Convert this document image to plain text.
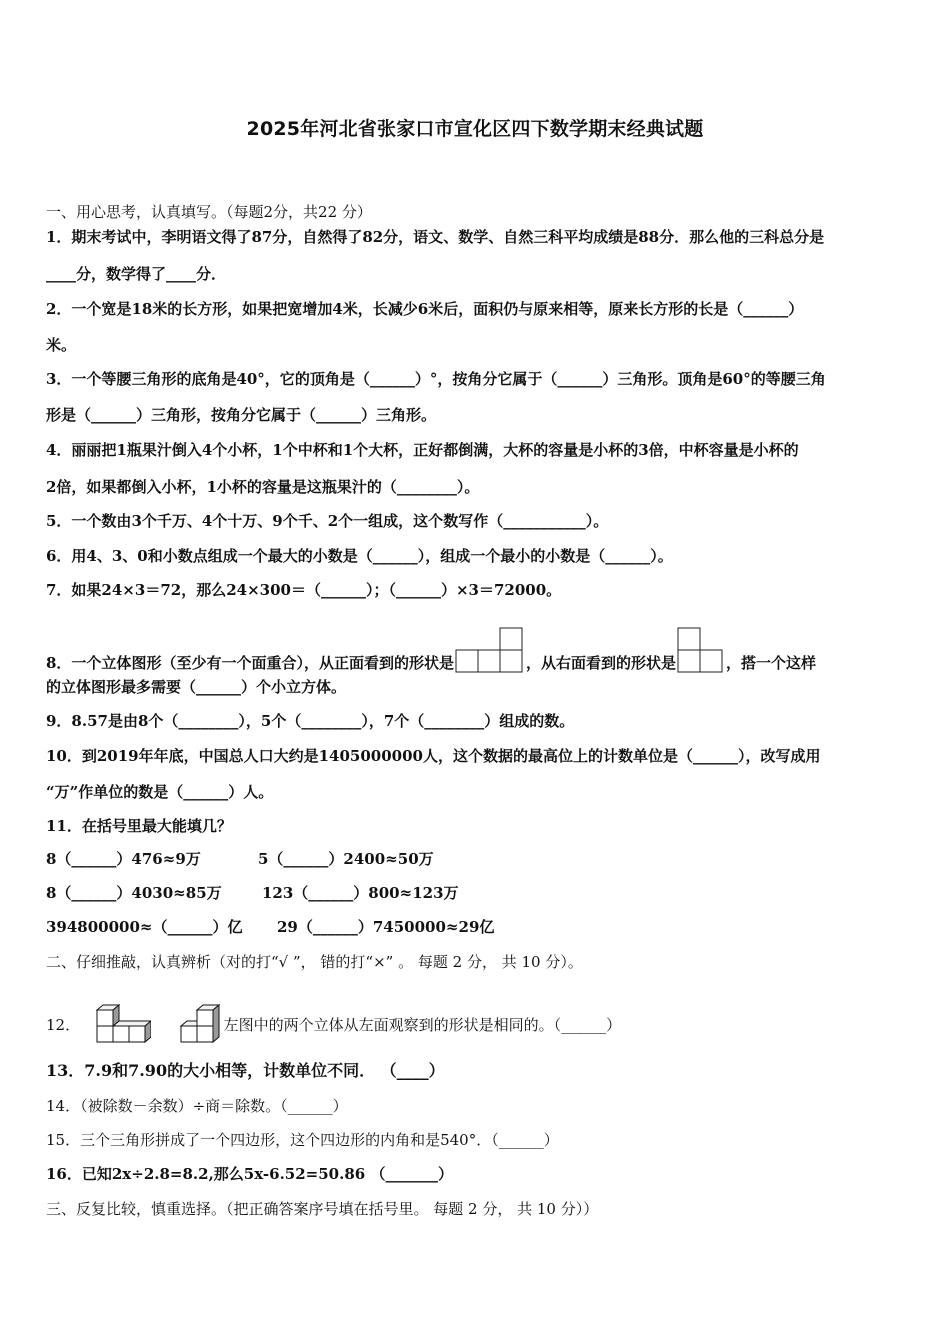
2025年河北省张家口市宣化区四下数学期末经典试题
一、用心思考，认真填写。（每题2分，共22 分）
1．期末考试中，李明语文得了87分，自然得了82分，语文、数学、自然三科平均成绩是88分．那么他的三科总分是
____分，数学得了____分．
2．一个宽是18米的长方形，如果把宽增加4米，长减少6米后，面积仍与原来相等，原来长方形的长是（______）
米。
3．一个等腰三角形的底角是40°，它的顶角是（______）°，按角分它属于（______）三角形。顶角是60°的等腰三角
形是（______）三角形，按角分它属于（______）三角形。
4．丽丽把1瓶果汁倒入4个小杯，1个中杯和1个大杯，正好都倒满，大杯的容量是小杯的3倍，中杯容量是小杯的
2倍，如果都倒入小杯，1小杯的容量是这瓶果汁的（________）。
5．一个数由3个千万、4个十万、9个千、2个一组成，这个数写作（___________）。
6．用4、3、0和小数点组成一个最大的小数是（______），组成一个最小的小数是（______）。
7．如果24×3＝72，那么24×300＝（______）；（______）×3＝72000。
8．一个立体图形（至少有一个面重合），从正面看到的形状是	，从右面看到的形状是	，搭一个这样
的立体图形最多需要（______）个小立方体。
9．8.57是由8个（________），5个（________），7个（________）组成的数。
10．到2019年年底，中国总人口大约是1405000000人，这个数据的最高位上的计数单位是（______），改写成用
“万”作单位的数是（______）人。
11．在括号里最大能填几？
8（______）476≈9万	5（______）2400≈50万
8（______）4030≈85万	123（______）800≈123万
394800000≈（______）亿 29（______）7450000≈29亿
二、仔细推敲，认真辨析（对的打“√ ”， 错的打“×” 。 每题 2 分， 共 10 分）。
12．	左图中的两个立体从左面观察到的形状是相同的。（______）
13．7.9和7.90的大小相等，计数单位不同． （____）
14．（被除数－余数）÷商＝除数。（______）
15．三个三角形拼成了一个四边形，这个四边形的内角和是540°．（______）
16．已知2x÷2.8=8.2,那么5x-6.52=50.86 （_______）
三、反复比较，慎重选择。（把正确答案序号填在括号里。 每题 2 分， 共 10 分））
